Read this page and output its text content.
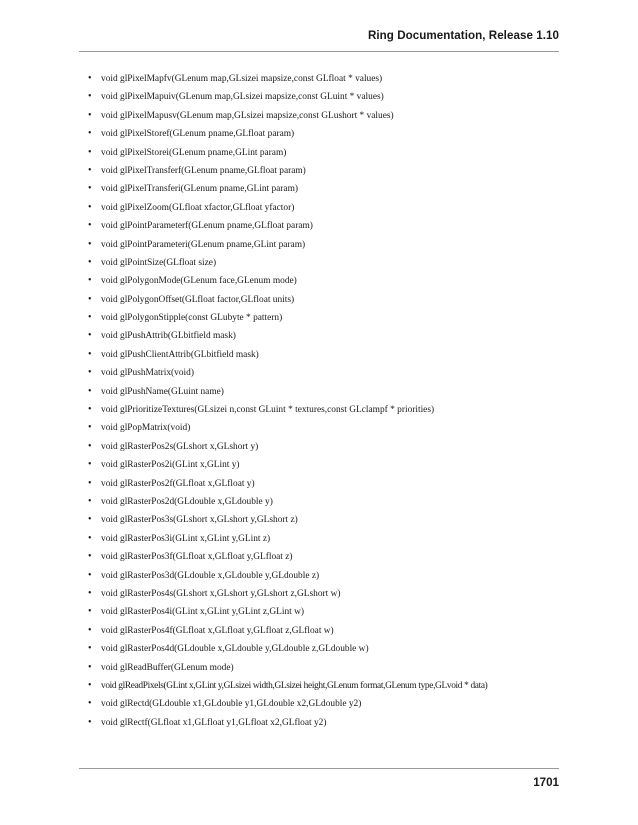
Ring Documentation, Release 1.10
• void glPixelMapfv(GLenum map,GLsizei mapsize,const GLfloat * values)
• void glPixelMapuiv(GLenum map,GLsizei mapsize,const GLuint * values)
• void glPixelMapusv(GLenum map,GLsizei mapsize,const GLushort * values)
• void glPixelStoref(GLenum pname,GLfloat param)
• void glPixelStorei(GLenum pname,GLint param)
• void glPixelTransferf(GLenum pname,GLfloat param)
• void glPixelTransferi(GLenum pname,GLint param)
• void glPixelZoom(GLfloat xfactor,GLfloat yfactor)
• void glPointParameterf(GLenum pname,GLfloat param)
• void glPointParameteri(GLenum pname,GLint param)
• void glPointSize(GLfloat size)
• void glPolygonMode(GLenum face,GLenum mode)
• void glPolygonOffset(GLfloat factor,GLfloat units)
• void glPolygonStipple(const GLubyte * pattern)
• void glPushAttrib(GLbitfield mask)
• void glPushClientAttrib(GLbitfield mask)
• void glPushMatrix(void)
• void glPushName(GLuint name)
• void glPrioritizeTextures(GLsizei n,const GLuint * textures,const GLclampf * priorities)
• void glPopMatrix(void)
• void glRasterPos2s(GLshort x,GLshort y)
• void glRasterPos2i(GLint x,GLint y)
• void glRasterPos2f(GLfloat x,GLfloat y)
• void glRasterPos2d(GLdouble x,GLdouble y)
• void glRasterPos3s(GLshort x,GLshort y,GLshort z)
• void glRasterPos3i(GLint x,GLint y,GLint z)
• void glRasterPos3f(GLfloat x,GLfloat y,GLfloat z)
• void glRasterPos3d(GLdouble x,GLdouble y,GLdouble z)
• void glRasterPos4s(GLshort x,GLshort y,GLshort z,GLshort w)
• void glRasterPos4i(GLint x,GLint y,GLint z,GLint w)
• void glRasterPos4f(GLfloat x,GLfloat y,GLfloat z,GLfloat w)
• void glRasterPos4d(GLdouble x,GLdouble y,GLdouble z,GLdouble w)
• void glReadBuffer(GLenum mode)
• void glReadPixels(GLint x,GLint y,GLsizei width,GLsizei height,GLenum format,GLenum type,GLvoid * data)
• void glRectd(GLdouble x1,GLdouble y1,GLdouble x2,GLdouble y2)
• void glRectf(GLfloat x1,GLfloat y1,GLfloat x2,GLfloat y2)
1701
